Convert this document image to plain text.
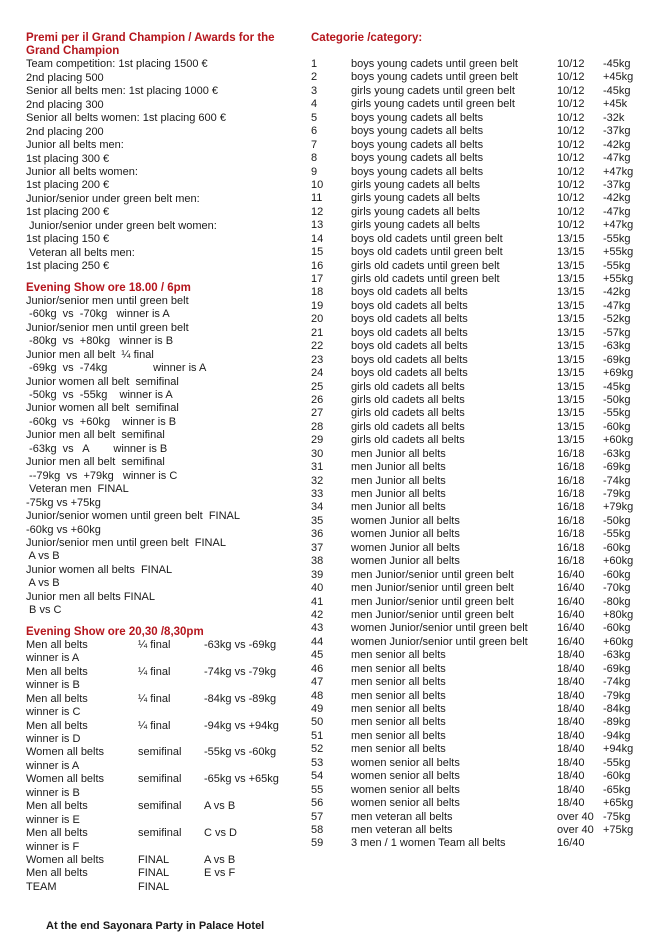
Premi per il Grand Champion / Awards for the Grand Champion
Team competition: 1st placing 1500 €
2nd placing 500
Senior all belts men: 1st placing 1000 €
2nd placing 300
Senior all belts women: 1st placing 600 €
2nd placing 200
Junior all belts men:
1st placing 300 €
Junior all belts women:
1st placing 200 €
Junior/senior under green belt men:
1st placing 200 €
Junior/senior under green belt women:
1st placing 150 €
Veteran all belts men:
1st placing 250 €
Evening Show ore 18.00 / 6pm
Junior/senior men until green belt
-60kg  vs  -70kg   winner is A
Junior/senior men until green belt
-80kg  vs  +80kg   winner is B
Junior men all belt  ¼ final
-69kg  vs  -74kg               winner is A
Junior women all belt  semifinal
-50kg  vs  -55kg    winner is A
Junior women all belt  semifinal
-60kg  vs  +60kg    winner is B
Junior men all belt  semifinal
-63kg  vs   A        winner is B
Junior men all belt  semifinal
--79kg  vs  +79kg   winner is C
Veteran men  FINAL
-75kg vs +75kg
Junior/senior women until green belt  FINAL
-60kg vs +60kg
Junior/senior men until green belt  FINAL
A vs B
Junior women all belts  FINAL
A vs B
Junior men all belts FINAL
B vs C
Evening Show ore 20,30 /8,30pm
Men all belts	¼ final	-63kg vs -69kg
winner is A
Men all belts	¼ final	-74kg vs -79kg
winner is B
Men all belts	¼ final	-84kg vs -89kg
winner is C
Men all belts	¼ final	-94kg vs +94kg
winner is D
Women all belts	semifinal -55kg vs -60kg
winner is A
Women all belts	semifinal -65kg vs +65kg
winner is B
Men all belts	semifinal A vs B
winner is E
Men all belts	semifinal C vs D
winner is F
Women all belts	FINAL	A vs B
Men all belts	FINAL	E vs F
TEAM	FINAL
Categorie /category:
1	boys young cadets until green belt	10/12 -45kg
2	boys young cadets until green belt	10/12 +45kg
3	girls young cadets until green belt	10/12 -45kg
4	girls young cadets until green belt	10/12 +45k
5	boys young cadets all belts	10/12 -32k
6	boys young cadets all belts	10/12 -37kg
7	boys young cadets all belts	10/12 -42kg
8	boys young cadets all belts	10/12 -47kg
9	boys young cadets all belts	10/12 +47kg
10	girls young cadets all belts	10/12 -37kg
11	girls young cadets all belts	10/12 -42kg
12	girls young cadets all belts	10/12 -47kg
13	girls young cadets all belts	10/12 +47kg
14	boys old cadets until green belt	13/15 -55kg
15	boys old cadets until green belt	13/15 +55kg
16	girls old cadets until green belt	13/15 -55kg
17	girls old cadets until green belt	13/15 +55kg
18	boys old cadets all belts	13/15 -42kg
19	boys old cadets all belts	13/15 -47kg
20	boys old cadets all belts	13/15 -52kg
21	boys old cadets all belts	13/15 -57kg
22	boys old cadets all belts	13/15 -63kg
23	boys old cadets all belts	13/15 -69kg
24	boys old cadets all belts	13/15 +69kg
25	girls old cadets all belts	13/15 -45kg
26	girls old cadets all belts	13/15 -50kg
27	girls old cadets all belts	13/15 -55kg
28	girls old cadets all belts	13/15 -60kg
29	girls old cadets all belts	13/15 +60kg
30	men Junior all belts	16/18 -63kg
31	men Junior all belts	16/18 -69kg
32	men Junior all belts	16/18 -74kg
33	men Junior all belts	16/18 -79kg
34	men Junior all belts	16/18 +79kg
35	women Junior all belts	16/18 -50kg
36	women Junior all belts	16/18 -55kg
37	women Junior all belts	16/18 -60kg
38	women Junior all belts	16/18 +60kg
39	men Junior/senior until green belt	16/40 -60kg
40	men Junior/senior until green belt	16/40 -70kg
41	men Junior/senior until green belt	16/40 -80kg
42	men Junior/senior until green belt	16/40 +80kg
43	women Junior/senior until green belt	16/40 -60kg
44	women Junior/senior until green belt	16/40 +60kg
45	men senior all belts	18/40 -63kg
46	men senior all belts	18/40 -69kg
47	men senior all belts	18/40 -74kg
48	men senior all belts	18/40 -79kg
49	men senior all belts	18/40 -84kg
50	men senior all belts	18/40 -89kg
51	men senior all belts	18/40 -94kg
52	men senior all belts	18/40 +94kg
53	women senior all belts	18/40 -55kg
54	women senior all belts	18/40 -60kg
55	women senior all belts	18/40 -65kg
56	women senior all belts	18/40 +65kg
57	men veteran all belts	over 40 -75kg
58	men veteran all belts	over 40 +75kg
59	3 men / 1 women Team all belts	16/40
At the end Sayonara Party in Palace Hotel
